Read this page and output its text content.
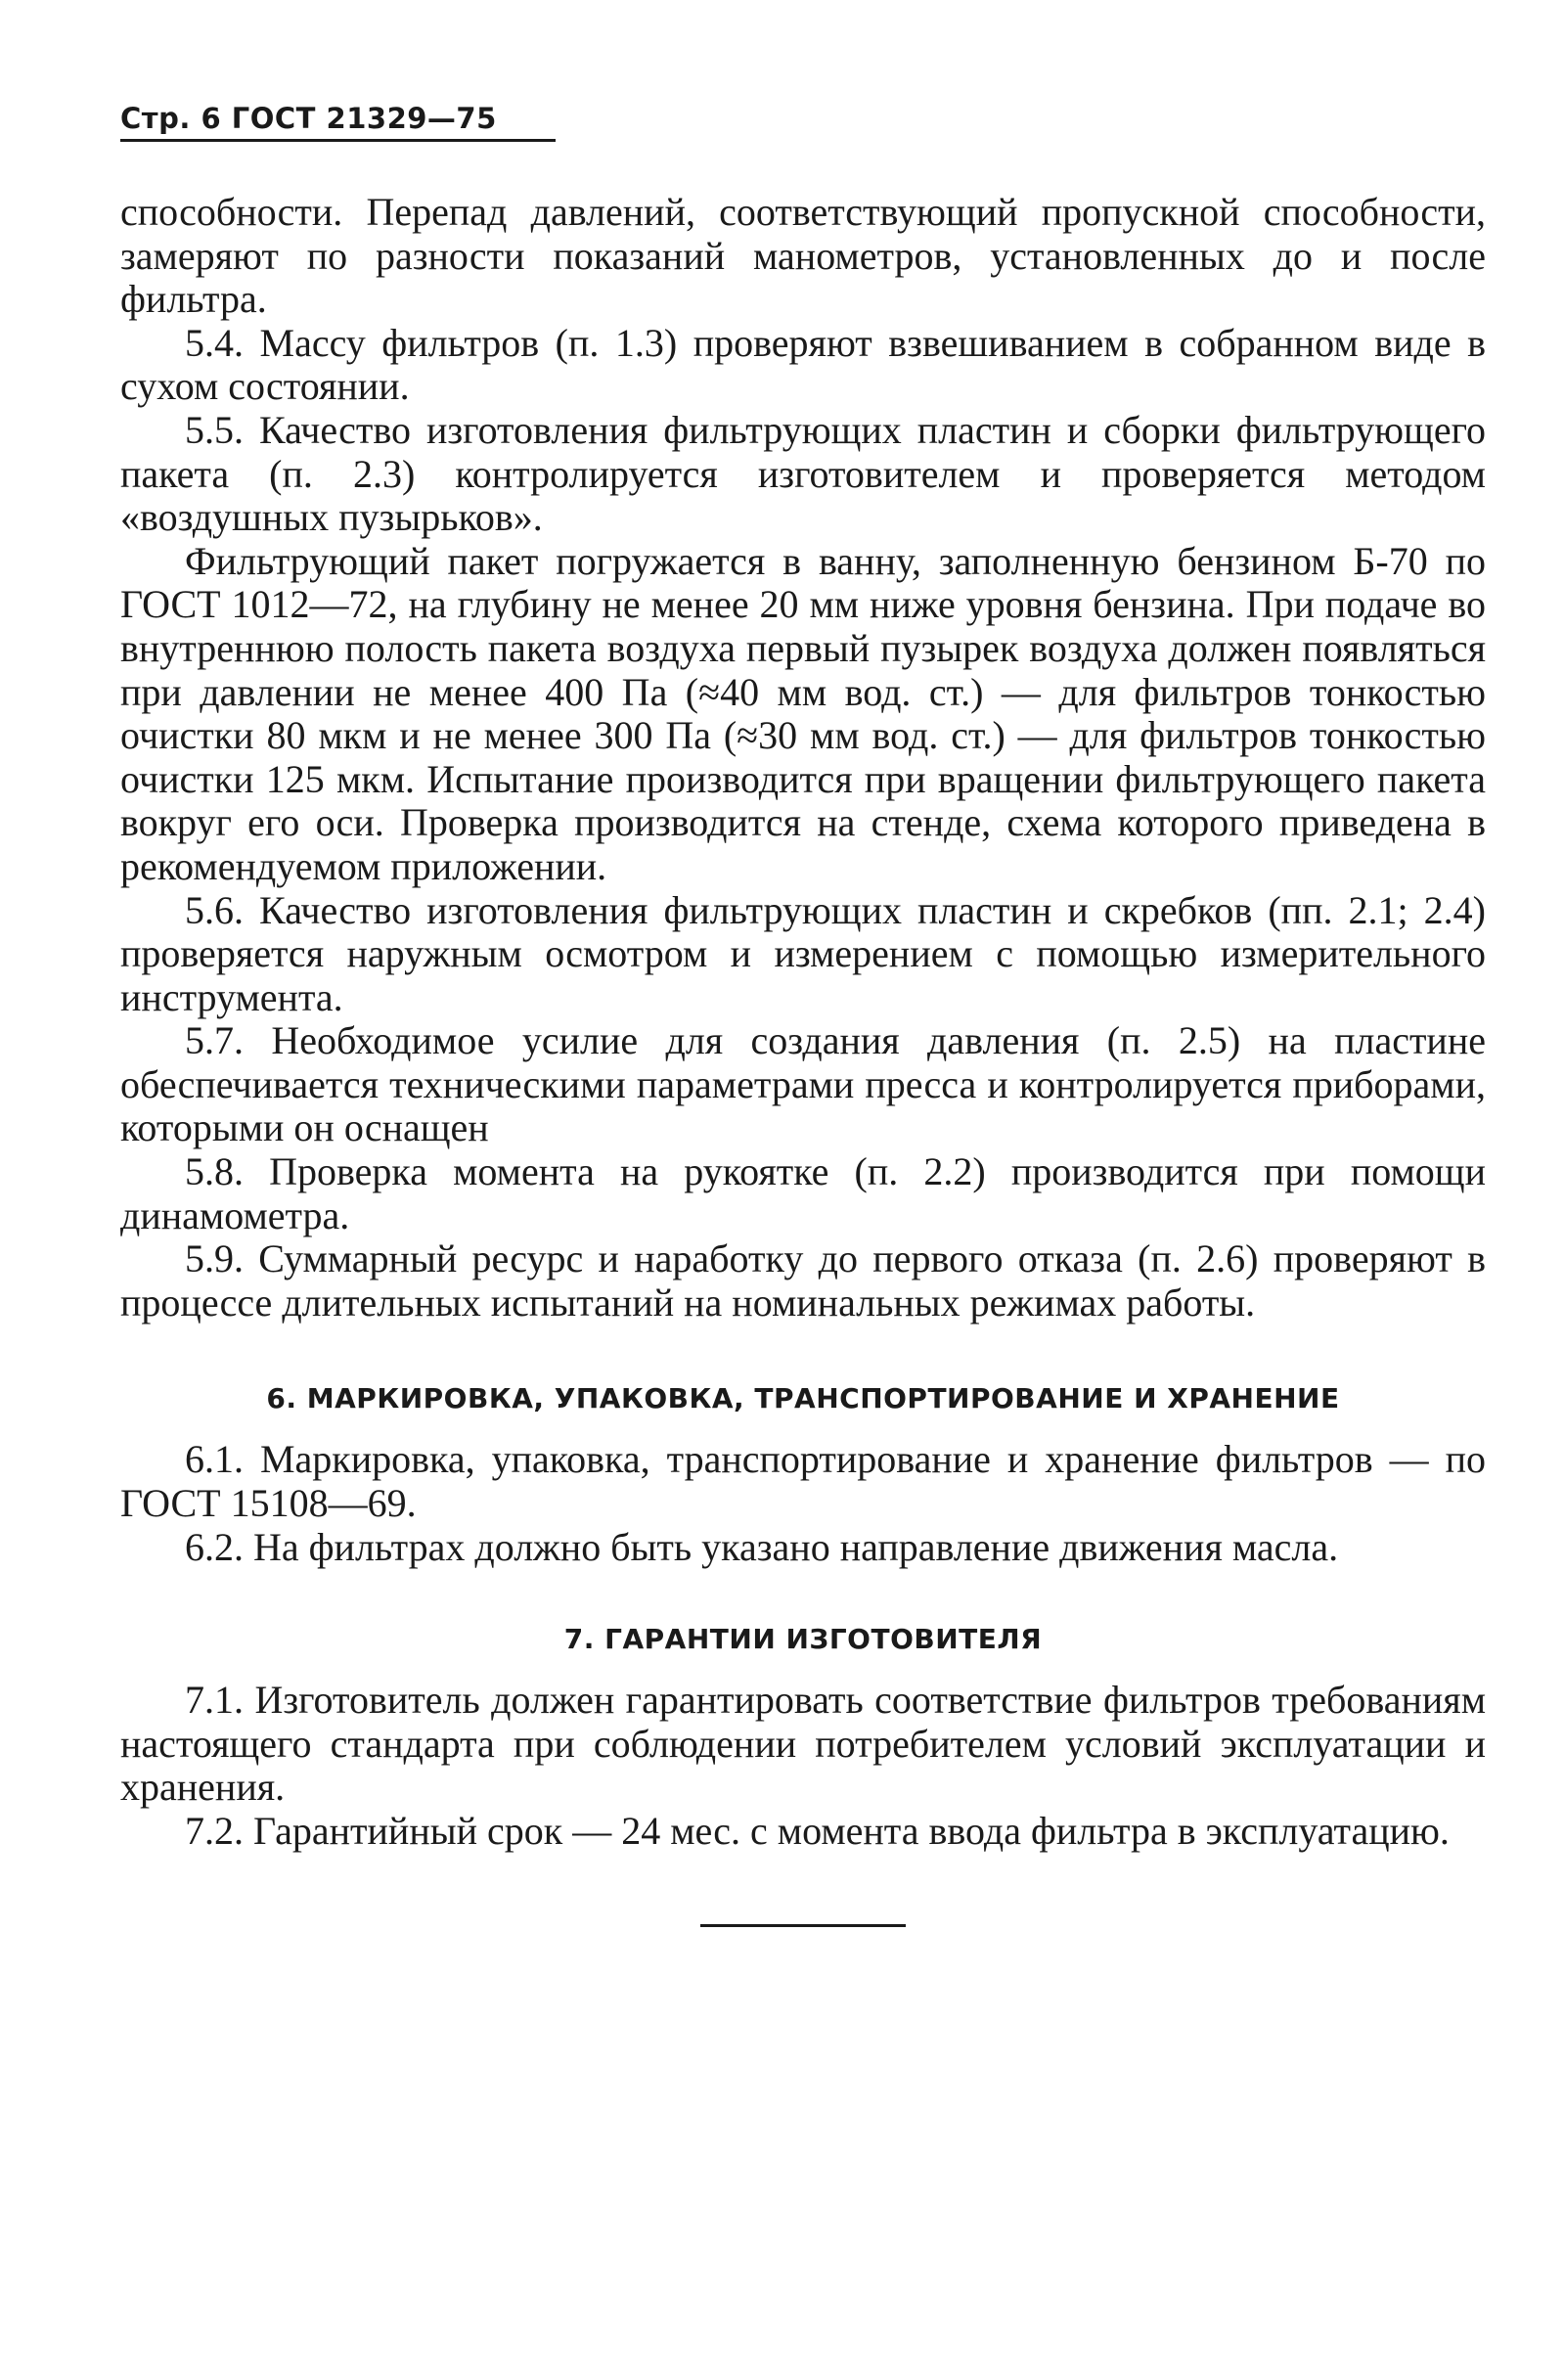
Стр. 6 ГОСТ 21329—75

способности. Перепад давлений, соответствующий пропускной способности, замеряют по разности показаний манометров, установленных до и после фильтра.

5.4. Массу фильтров (п. 1.3) проверяют взвешиванием в собранном виде в сухом состоянии.

5.5. Качество изготовления фильтрующих пластин и сборки фильтрующего пакета (п. 2.3) контролируется изготовителем и проверяется методом «воздушных пузырьков».

Фильтрующий пакет погружается в ванну, заполненную бензином Б-70 по ГОСТ 1012—72, на глубину не менее 20 мм ниже уровня бензина. При подаче во внутреннюю полость пакета воздуха первый пузырек воздуха должен появляться при давлении не менее 400 Па (≈40 мм вод. ст.) — для фильтров тонкостью очистки 80 мкм и не менее 300 Па (≈30 мм вод. ст.) — для фильтров тонкостью очистки 125 мкм. Испытание производится при вращении фильтрующего пакета вокруг его оси. Проверка производится на стенде, схема которого приведена в рекомендуемом приложении.

5.6. Качество изготовления фильтрующих пластин и скребков (пп. 2.1; 2.4) проверяется наружным осмотром и измерением с помощью измерительного инструмента.

5.7. Необходимое усилие для создания давления (п. 2.5) на пластине обеспечивается техническими параметрами пресса и контролируется приборами, которыми он оснащен

5.8. Проверка момента на рукоятке (п. 2.2) производится при помощи динамометра.

5.9. Суммарный ресурс и наработку до первого отказа (п. 2.6) проверяют в процессе длительных испытаний на номинальных режимах работы.

6. МАРКИРОВКА, УПАКОВКА, ТРАНСПОРТИРОВАНИЕ И ХРАНЕНИЕ

6.1. Маркировка, упаковка, транспортирование и хранение фильтров — по ГОСТ 15108—69.

6.2. На фильтрах должно быть указано направление движения масла.

7. ГАРАНТИИ ИЗГОТОВИТЕЛЯ

7.1. Изготовитель должен гарантировать соответствие фильтров требованиям настоящего стандарта при соблюдении потребителем условий эксплуатации и хранения.

7.2. Гарантийный срок — 24 мес. с момента ввода фильтра в эксплуатацию.
